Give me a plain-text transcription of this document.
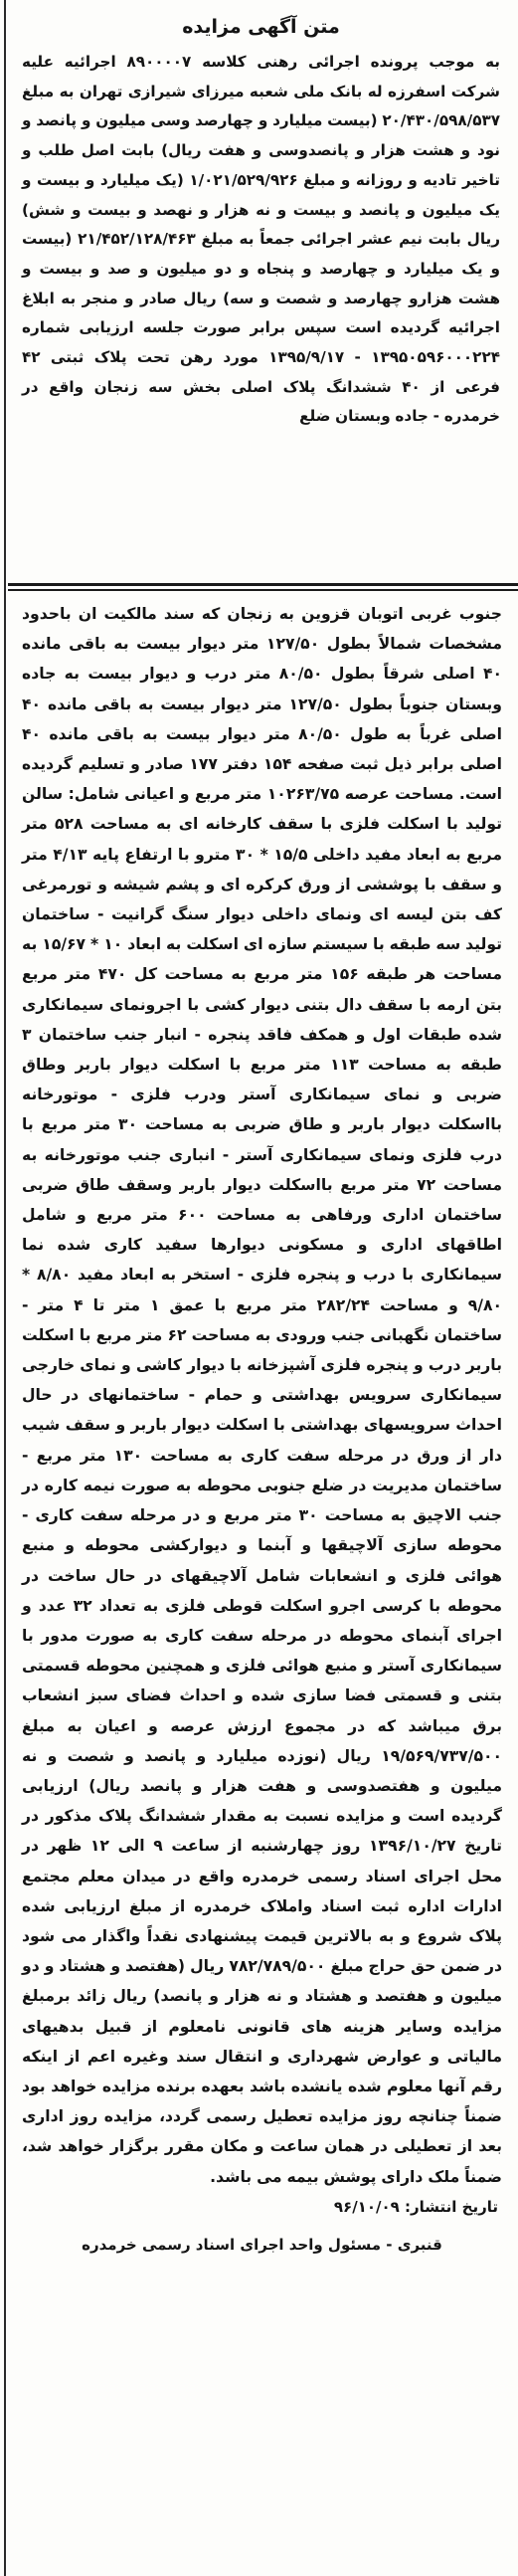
متن آگهی مزایده

به موجب پرونده اجرائی رهنی کلاسه ۸۹۰۰۰۰۷ اجرائیه علیه شرکت اسفرزه له بانک ملی شعبه میرزای شیرازی تهران به مبلغ ۲۰/۴۳۰/۵۹۸/۵۳۷ (بیست میلیارد و چهارصد وسی میلیون و پانصد و نود و هشت هزار و پانصدوسی و هفت ریال) بابت اصل طلب و تاخیر تادیه و روزانه و مبلغ ۱/۰۲۱/۵۲۹/۹۲۶ (یک میلیارد و بیست و یک میلیون و پانصد و بیست و نه هزار و نهصد و بیست و شش) ریال بابت نیم عشر اجرائی جمعاً به مبلغ ۲۱/۴۵۲/۱۲۸/۴۶۳ (بیست و یک میلیارد و چهارصد و پنجاه و دو میلیون و صد و بیست و هشت هزارو چهارصد و شصت و سه) ریال صادر و منجر به ابلاغ اجرائیه گردیده است سپس برابر صورت جلسه ارزیابی شماره ۱۳۹۵۰۵۹۶۰۰۰۲۲۴ - ۱۳۹۵/۹/۱۷ مورد رهن تحت پلاک ثبتی ۴۲ فرعی از ۴۰ ششدانگ پلاک اصلی بخش سه زنجان واقع در خرمدره - جاده وبستان ضلع

جنوب غربی اتوبان قزوین به زنجان که سند مالکیت ان باحدود مشخصات شمالاً بطول ۱۲۷/۵۰ متر دیوار بیست به باقی مانده ۴۰ اصلی شرقاً بطول ۸۰/۵۰ متر درب و دیوار بیست به جاده وبستان جنوباً بطول ۱۲۷/۵۰ متر دیوار بیست به باقی مانده ۴۰ اصلی غرباً به طول ۸۰/۵۰ متر دیوار بیست به باقی مانده ۴۰ اصلی برابر ذیل ثبت صفحه ۱۵۴ دفتر ۱۷۷ صادر و تسلیم گردیده است. مساحت عرصه ۱۰۲۶۳/۷۵ متر مربع و اعیانی شامل: سالن تولید با اسکلت فلزی با سقف کارخانه ای به مساحت ۵۲۸ متر مربع به ابعاد مفید داخلی ۱۵/۵ * ۳۰ مترو با ارتفاع پایه ۴/۱۳ متر و سقف با پوششی از ورق کرکره ای و پشم شیشه و تورمرغی کف بتن لیسه ای ونمای داخلی دیوار سنگ گرانیت - ساختمان تولید سه طبقه با سیستم سازه ای اسکلت به ابعاد ۱۰ * ۱۵/۶۷ به مساحت هر طبقه ۱۵۶ متر مربع به مساحت کل ۴۷۰ متر مربع بتن ارمه با سقف دال بتنی دیوار کشی با اجرونمای سیمانکاری شده طبقات اول و همکف فاقد پنجره - انبار جنب ساختمان ۳ طبقه به مساحت ۱۱۳ متر مربع با اسکلت دیوار باربر وطاق ضربی و نمای سیمانکاری آستر ودرب فلزی - موتورخانه بااسکلت دیوار باربر و طاق ضربی به مساحت ۳۰ متر مربع با درب فلزی ونمای سیمانکاری آستر - انباری جنب موتورخانه به مساحت ۷۲ متر مربع بااسکلت دیوار باربر وسقف طاق ضربی ساختمان اداری ورفاهی به مساحت ۶۰۰ متر مربع و شامل اطاقهای اداری و مسکونی دیوارها سفید کاری شده نما سیمانکاری با درب و پنجره فلزی - استخر به ابعاد مفید ۸/۸۰ * ۹/۸۰ و مساحت ۲۸۲/۲۴ متر مربع با عمق ۱ متر تا ۴ متر - ساختمان نگهبانی جنب ورودی به مساحت ۶۲ متر مربع با اسکلت باربر درب و پنجره فلزی آشپزخانه با دیوار کاشی و نمای خارجی سیمانکاری سرویس بهداشتی و حمام - ساختمانهای در حال احداث سرویسهای بهداشتی با اسکلت دیوار باربر و سقف شیب دار از ورق در مرحله سفت کاری به مساحت ۱۳۰ متر مربع - ساختمان مدیریت در ضلع جنوبی محوطه به صورت نیمه کاره در جنب الاچیق به مساحت ۳۰ متر مربع و در مرحله سفت کاری - محوطه سازی آلاچیقها و آبنما و دیوارکشی محوطه و منبع هوائی فلزی و انشعابات شامل آلاچیقهای در حال ساخت در محوطه با کرسی اجرو اسکلت قوطی فلزی به تعداد ۳۲ عدد و اجرای آبنمای محوطه در مرحله سفت کاری به صورت مدور با سیمانکاری آستر و منبع هوائی فلزی و همچنین محوطه قسمتی بتنی و قسمتی فضا سازی شده و احداث فضای سبز انشعاب برق میباشد که در مجموع ارزش عرصه و اعیان به مبلغ ۱۹/۵۶۹/۷۳۷/۵۰۰ ریال (نوزده میلیارد و پانصد و شصت و نه میلیون و هفتصدوسی و هفت هزار و پانصد ریال) ارزیابی گردیده است و مزایده نسبت به مقدار ششدانگ پلاک مذکور در تاریخ ۱۳۹۶/۱۰/۲۷ روز چهارشنبه از ساعت ۹ الی ۱۲ ظهر در محل اجرای اسناد رسمی خرمدره واقع در میدان معلم مجتمع ادارات اداره ثبت اسناد واملاک خرمدره از مبلغ ارزیابی شده پلاک شروع و به بالاترین قیمت پیشنهادی نقداً واگذار می شود در ضمن حق حراج مبلغ ۷۸۲/۷۸۹/۵۰۰ ریال (هفتصد و هشتاد و دو میلیون و هفتصد و هشتاد و نه هزار و پانصد) ریال زائد برمبلغ مزایده وسایر هزینه های قانونی نامعلوم از قبیل بدهیهای مالیاتی و عوارض شهرداری و انتقال سند وغیره اعم از اینکه رقم آنها معلوم شده یانشده باشد بعهده برنده مزایده خواهد بود ضمناً چنانچه روز مزایده تعطیل رسمی گردد، مزایده روز اداری بعد از تعطیلی در همان ساعت و مکان مقرر برگزار خواهد شد، ضمناً ملک دارای پوشش بیمه می باشد.

تاریخ انتشار: ۹۶/۱۰/۰۹

قنبری - مسئول واحد اجرای اسناد رسمی خرمدره
